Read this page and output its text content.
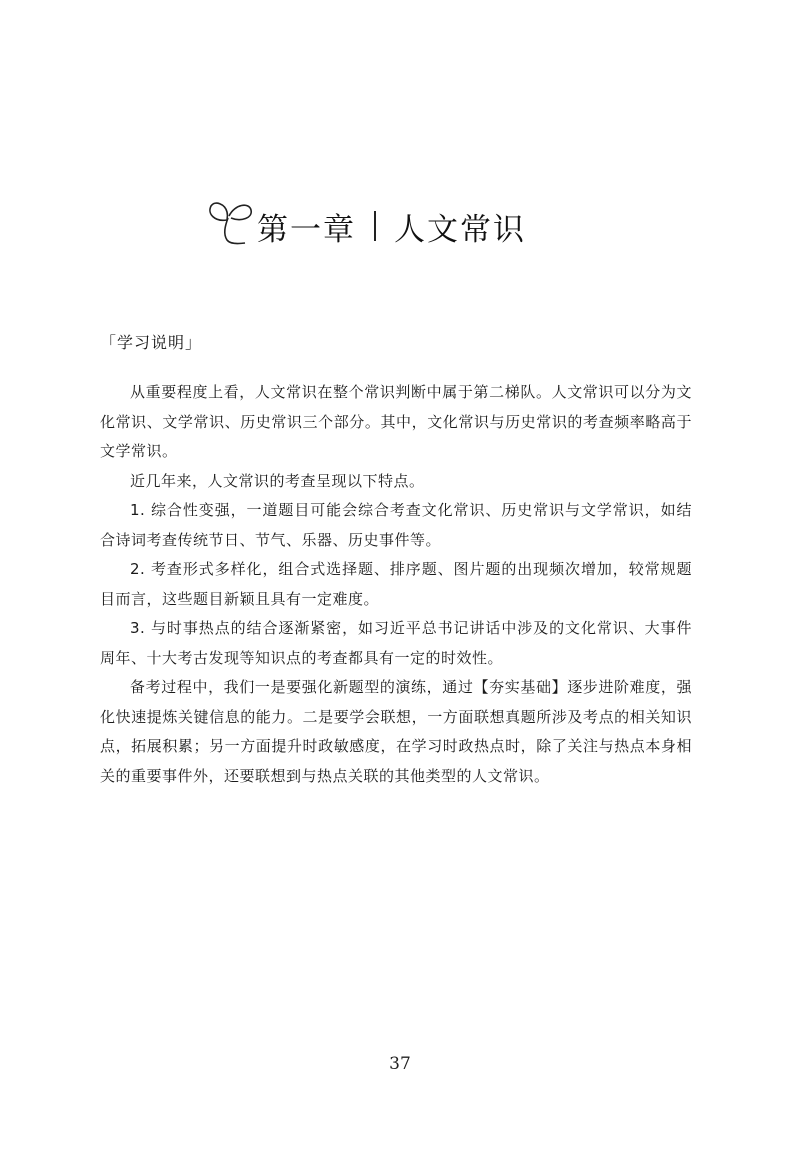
第一章 人文常识
「学习说明」

从重要程度上看，人文常识在整个常识判断中属于第二梯队。人文常识可以分为文化常识、文学常识、历史常识三个部分。其中，文化常识与历史常识的考查频率略高于文学常识。

近几年来，人文常识的考查呈现以下特点。

1. 综合性变强，一道题目可能会综合考查文化常识、历史常识与文学常识，如结合诗词考查传统节日、节气、乐器、历史事件等。

2. 考查形式多样化，组合式选择题、排序题、图片题的出现频次增加，较常规题目而言，这些题目新颖且具有一定难度。

3. 与时事热点的结合逐渐紧密，如习近平总书记讲话中涉及的文化常识、大事件周年、十大考古发现等知识点的考查都具有一定的时效性。

备考过程中，我们一是要强化新题型的演练，通过【夯实基础】逐步进阶难度，强化快速提炼关键信息的能力。二是要学会联想，一方面联想真题所涉及考点的相关知识点，拓展积累；另一方面提升时政敏感度，在学习时政热点时，除了关注与热点本身相关的重要事件外，还要联想到与热点关联的其他类型的人文常识。

37
